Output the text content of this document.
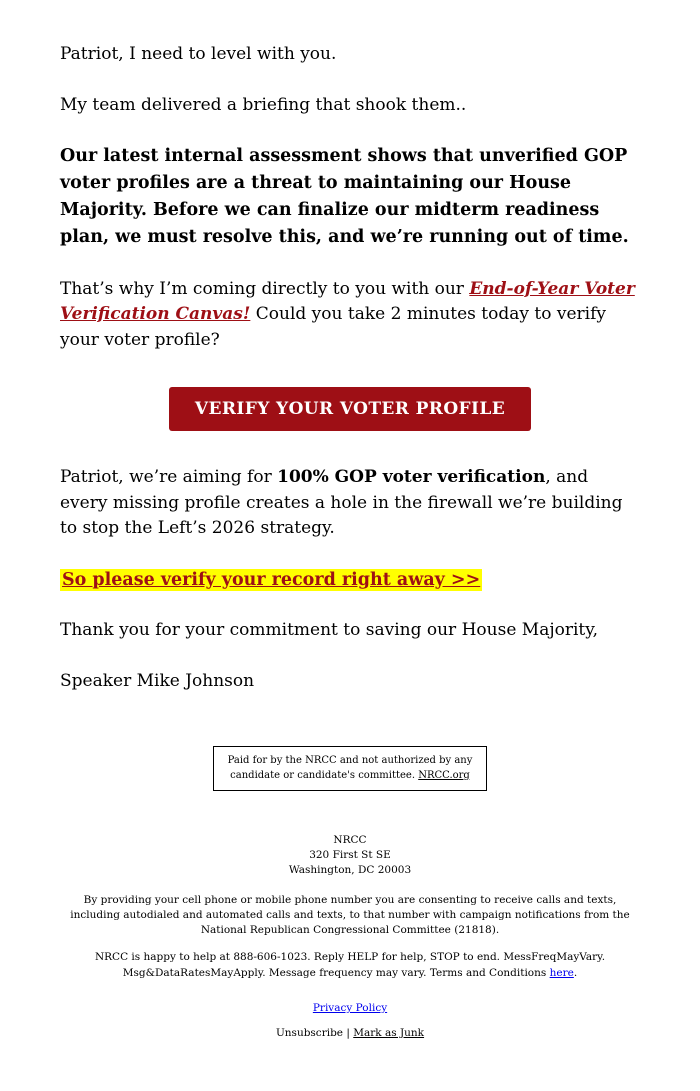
Patriot, I need to level with you.

My team delivered a briefing that shook them..

Our latest internal assessment shows that unverified GOP voter profiles are a threat to maintaining our House Majority. Before we can finalize our midterm readiness plan, we must resolve this, and we’re running out of time.

That’s why I’m coming directly to you with our End-of-Year Voter Verification Canvas! Could you take 2 minutes today to verify your voter profile?

VERIFY YOUR VOTER PROFILE

Patriot, we’re aiming for 100% GOP voter verification, and every missing profile creates a hole in the firewall we’re building to stop the Left’s 2026 strategy.

So please verify your record right away >>

Thank you for your commitment to saving our House Majority,

Speaker Mike Johnson

Paid for by the NRCC and not authorized by any candidate or candidate's committee. NRCC.org
NRCC
320 First St SE
Washington, DC 20003

By providing your cell phone or mobile phone number you are consenting to receive calls and texts, including autodialed and automated calls and texts, to that number with campaign notifications from the National Republican Congressional Committee (21818).

NRCC is happy to help at 888-606-1023. Reply HELP for help, STOP to end. MessFreqMayVary. Msg&DataRatesMayApply. Message frequency may vary. Terms and Conditions here.

Privacy Policy

Unsubscribe | Mark as Junk
